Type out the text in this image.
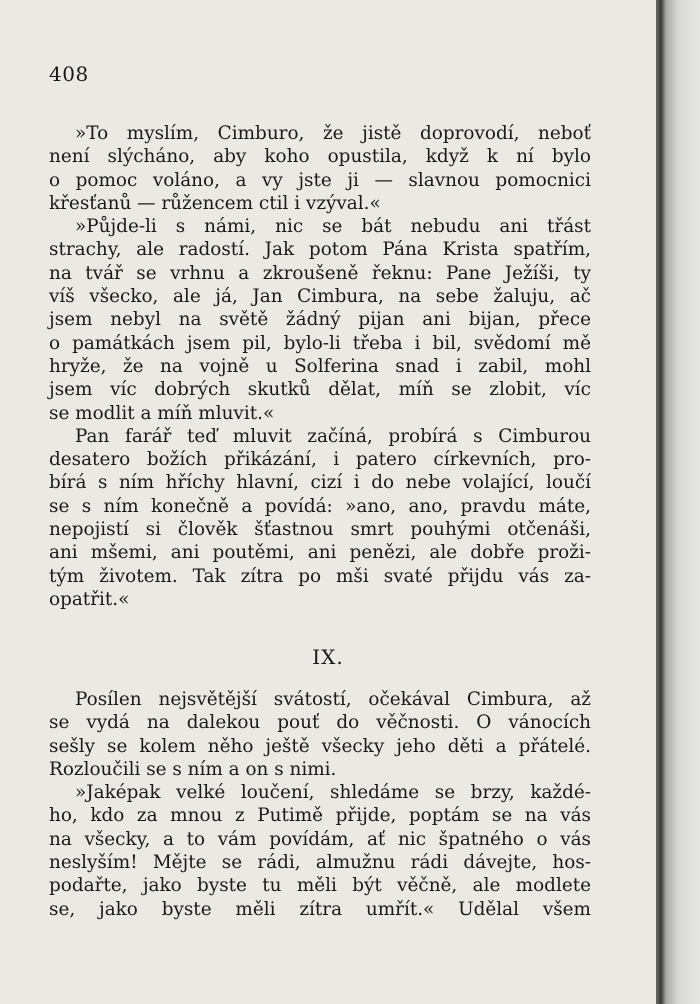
408

»To myslím, Cimburo, že jistě doprovodí, neboť
není slýcháno, aby koho opustila, když k ní bylo
o pomoc voláno, a vy jste ji — slavnou pomocnici
křesťanů — růžencem ctil i vzýval.«

»Půjde-li s námi, nic se bát nebudu ani třást
strachy, ale radostí. Jak potom Pána Krista spatřím,
na tvář se vrhnu a zkroušeně řeknu: Pane Ježíši, ty
víš všecko, ale já, Jan Cimbura, na sebe žaluju, ač
jsem nebyl na světě žádný pijan ani bijan, přece
o památkách jsem pil, bylo-li třeba i bil, svědomí mě
hryže, že na vojně u Solferina snad i zabil, mohl
jsem víc dobrých skutků dělat, míň se zlobit, víc
se modlit a míň mluvit.«

Pan farář teď mluvit začíná, probírá s Cimburou
desatero božích přikázání, i patero církevních, pro-
bírá s ním hříchy hlavní, cizí i do nebe volající, loučí
se s ním konečně a povídá: »ano, ano, pravdu máte,
nepojistí si člověk šťastnou smrt pouhými otčenáši,
ani mšemi, ani poutěmi, ani penězi, ale dobře proži-
tým životem. Tak zítra po mši svaté přijdu vás za-
opatřit.«

IX.

Posílen nejsvětější svátostí, očekával Cimbura, až
se vydá na dalekou pouť do věčnosti. O vánocích
sešly se kolem něho ještě všecky jeho děti a přátelé.
Rozloučili se s ním a on s nimi.

»Jaképak velké loučení, shledáme se brzy, každé-
ho, kdo za mnou z Putimě přijde, poptám se na vás
na všecky, a to vám povídám, ať nic špatného o vás
neslyším! Mějte se rádi, almužnu rádi dávejte, hos-
podařte, jako byste tu měli být věčně, ale modlete
se, jako byste měli zítra umřít.« Udělal všem
